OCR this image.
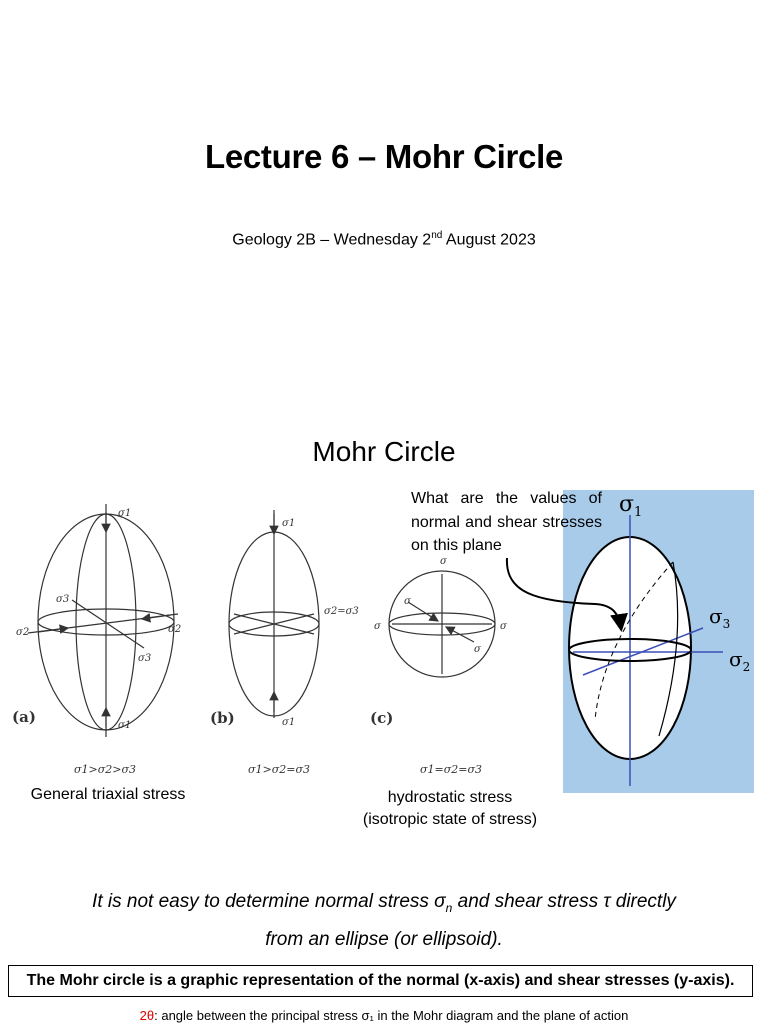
Lecture 6 – Mohr Circle
Geology 2B – Wednesday 2nd August 2023
Mohr Circle
σ1
σ1
σ2	σ2
σ3
σ3
(a)
σ1>σ2>σ3
σ1
σ1
σ2=σ3
(b)
σ1>σ2=σ3
σ
σ
σ	σ
σ
(c)
σ1=σ2=σ3
General triaxial stress	hydrostatic stress
(isotropic state of stress)
$\sigma_1$
$\sigma_3$
$\sigma_2$
What are the values of normal and shear stresses on this plane
It is not easy to determine normal stress $\sigma_n$ and shear stress τ directly
from an ellipse (or ellipsoid).
The Mohr circle is a graphic representation of the normal (x-axis) and shear stresses (y-axis).
2θ: angle between the principal stress σ₁ in the Mohr diagram and the plane of action
